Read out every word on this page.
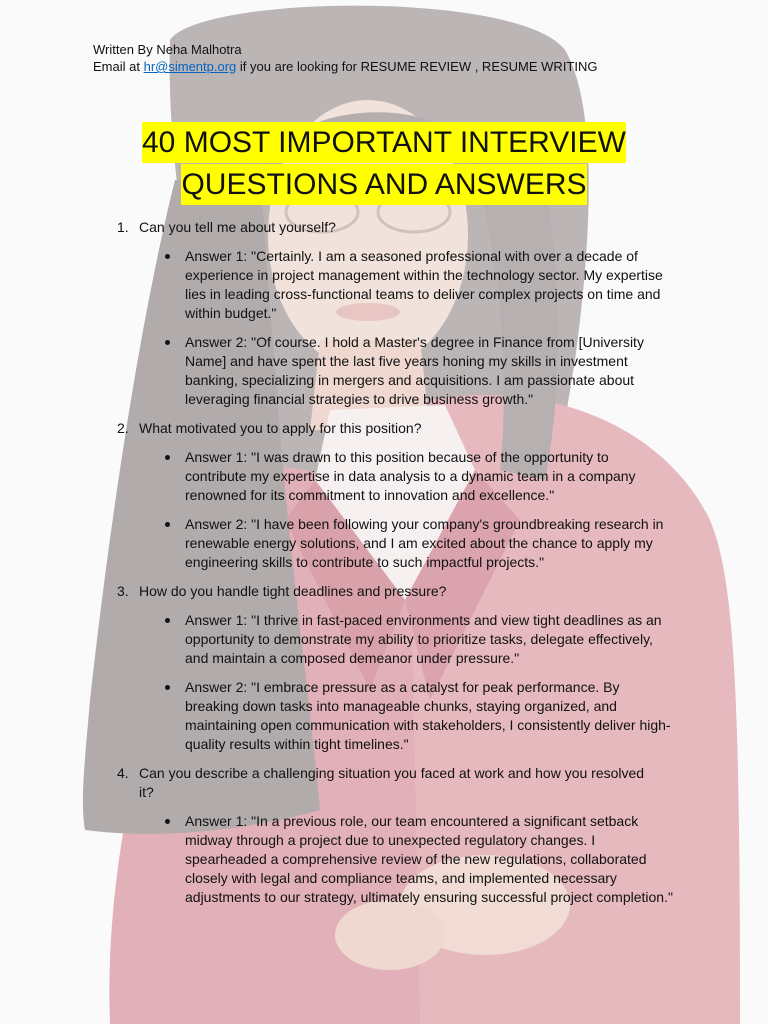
Written By Neha Malhotra
Email at hr@simentp.org if you are looking for RESUME REVIEW , RESUME WRITING
40 MOST IMPORTANT INTERVIEW QUESTIONS AND ANSWERS
1. Can you tell me about yourself?
Answer 1: "Certainly. I am a seasoned professional with over a decade of experience in project management within the technology sector. My expertise lies in leading cross-functional teams to deliver complex projects on time and within budget."
Answer 2: "Of course. I hold a Master's degree in Finance from [University Name] and have spent the last five years honing my skills in investment banking, specializing in mergers and acquisitions. I am passionate about leveraging financial strategies to drive business growth."
2. What motivated you to apply for this position?
Answer 1: "I was drawn to this position because of the opportunity to contribute my expertise in data analysis to a dynamic team in a company renowned for its commitment to innovation and excellence."
Answer 2: "I have been following your company's groundbreaking research in renewable energy solutions, and I am excited about the chance to apply my engineering skills to contribute to such impactful projects."
3. How do you handle tight deadlines and pressure?
Answer 1: "I thrive in fast-paced environments and view tight deadlines as an opportunity to demonstrate my ability to prioritize tasks, delegate effectively, and maintain a composed demeanor under pressure."
Answer 2: "I embrace pressure as a catalyst for peak performance. By breaking down tasks into manageable chunks, staying organized, and maintaining open communication with stakeholders, I consistently deliver high-quality results within tight timelines."
4. Can you describe a challenging situation you faced at work and how you resolved it?
Answer 1: "In a previous role, our team encountered a significant setback midway through a project due to unexpected regulatory changes. I spearheaded a comprehensive review of the new regulations, collaborated closely with legal and compliance teams, and implemented necessary adjustments to our strategy, ultimately ensuring successful project completion."
